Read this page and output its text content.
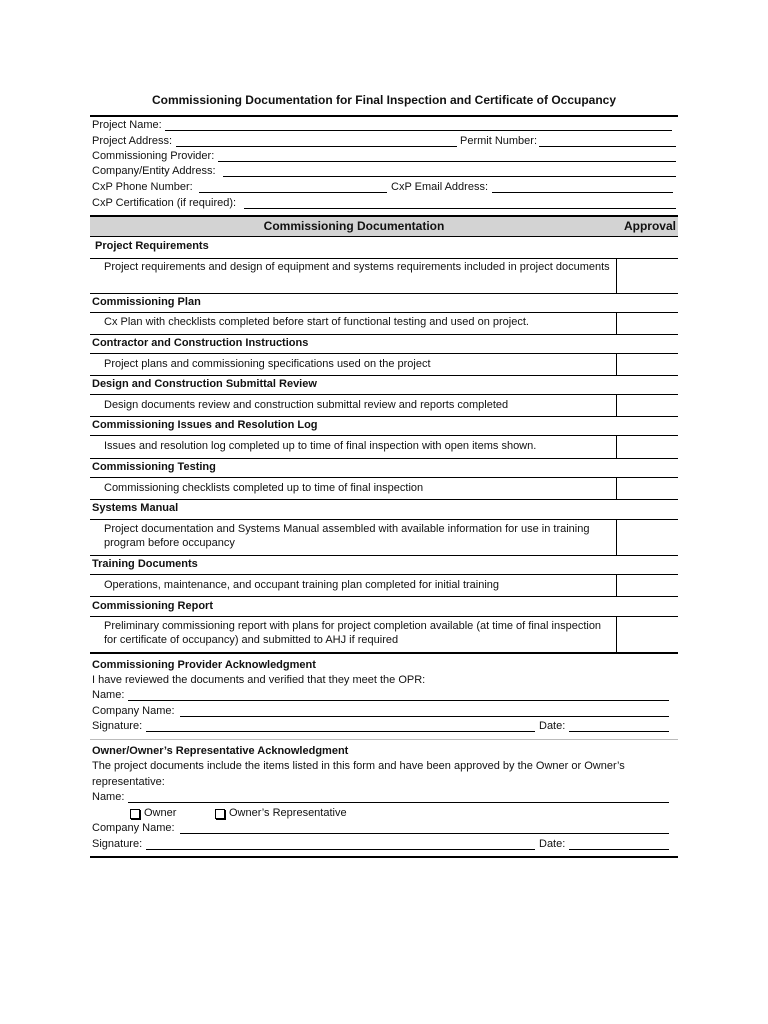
Commissioning Documentation for Final Inspection and Certificate of Occupancy
Project Name:
Project Address:	Permit Number:
Commissioning Provider:
Company/Entity Address:
CxP Phone Number:	CxP Email Address:
CxP Certification (if required):
Commissioning Documentation	Approval
Project Requirements
Project requirements and design of equipment and systems requirements included in project documents
Commissioning Plan
Cx Plan with checklists completed before start of functional testing and used on project.
Contractor and Construction Instructions
Project plans and commissioning specifications used on the project
Design and Construction Submittal Review
Design documents review and construction submittal review and reports completed
Commissioning Issues and Resolution Log
Issues and resolution log completed up to time of final inspection with open items shown.
Commissioning Testing
Commissioning checklists completed up to time of final inspection
Systems Manual
Project documentation and Systems Manual assembled with available information for use in training program before occupancy
Training Documents
Operations, maintenance, and occupant training plan completed for initial training
Commissioning Report
Preliminary commissioning report with plans for project completion available (at time of final inspection for certificate of occupancy) and submitted to AHJ if required
Commissioning Provider Acknowledgment
I have reviewed the documents and verified that they meet the OPR:
Name:
Company Name:
Signature:	Date:
Owner/Owner’s Representative Acknowledgment
The project documents include the items listed in this form and have been approved by the Owner or Owner’s
representative:
Name:
Owner	Owner’s Representative
Company Name:
Signature:	Date:
